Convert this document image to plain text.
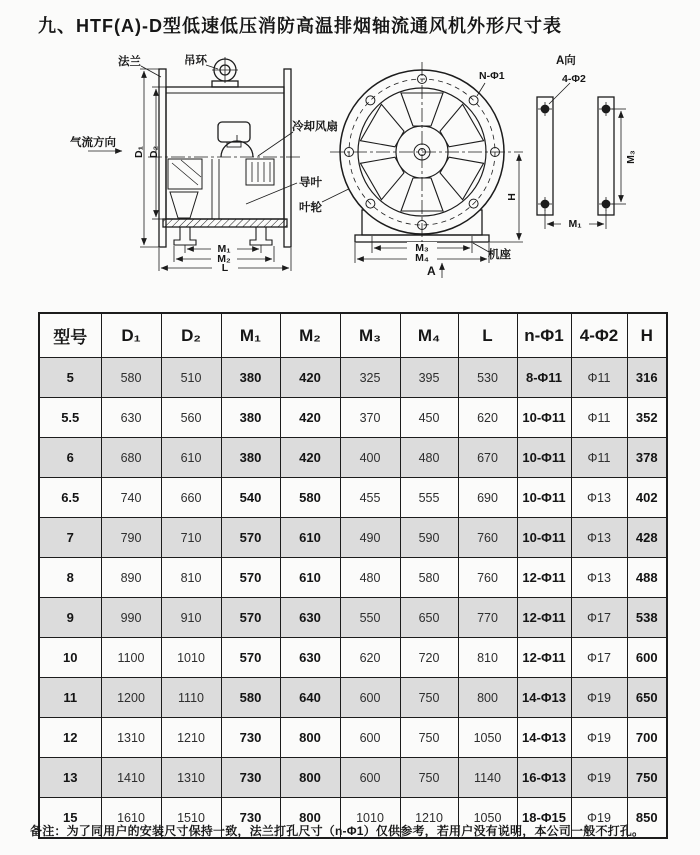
九、HTF(A)-D型低速低压消防高温排烟轴流通风机外形尺寸表
法兰	吊环
气流方向
冷却风扇
导叶
叶轮
D₁ D₂
M₁
M₂
L
N-Φ1
H
M₃
M₄	机座
A
A向
4-Φ2
M₃
M₁
型号	D₁	D₂	M₁	M₂	M₃	M₄	L	n-Φ1	4-Φ2	H
5	580	510	380	420	325	395	530	8-Φ11	Φ11	316
5.5	630	560	380	420	370	450	620	10-Φ11	Φ11	352
6	680	610	380	420	400	480	670	10-Φ11	Φ11	378
6.5	740	660	540	580	455	555	690	10-Φ11	Φ13	402
7	790	710	570	610	490	590	760	10-Φ11	Φ13	428
8	890	810	570	610	480	580	760	12-Φ11	Φ13	488
9	990	910	570	630	550	650	770	12-Φ11	Φ17	538
10	1100	1010	570	630	620	720	810	12-Φ11	Φ17	600
11	1200	1110	580	640	600	750	800	14-Φ13	Φ19	650
12	1310	1210	730	800	600	750	1050	14-Φ13	Φ19	700
13	1410	1310	730	800	600	750	1140	16-Φ13	Φ19	750
15	1610	1510	730	800	1010	1210	1050	18-Φ15	Φ19	850
备注：为了同用户的安装尺寸保持一致，法兰打孔尺寸（n-Φ1）仅供参考，若用户没有说明，本公司一般不打孔。
